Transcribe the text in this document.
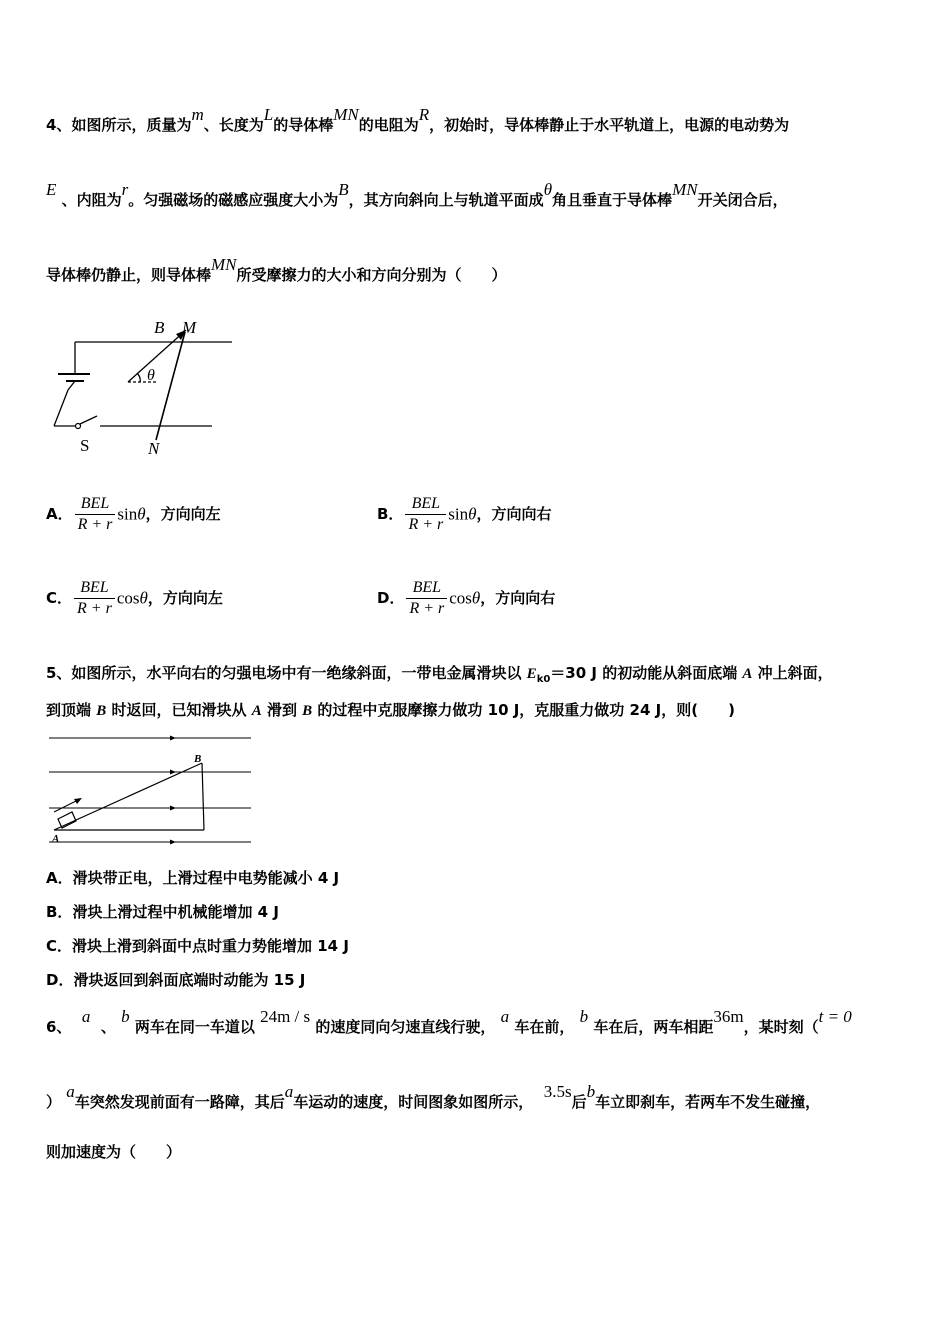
4、如图所示，质量为m、长度为L的导体棒MN的电阻为R，初始时，导体棒静止于水平轨道上，电源的电动势为
E 、内阻为r。匀强磁场的磁感应强度大小为B，其方向斜向上与轨道平面成θ角且垂直于导体棒MN开关闭合后，
导体棒仍静止，则导体棒MN所受摩擦力的大小和方向分别为（　　）
B M
θ
S	N
A． $\frac{\text{BEL}}{R + r}$ sinθ，方向向左	B． $\frac{\text{BEL}}{R + r}$ sinθ，方向向右
C． $\frac{\text{BEL}}{R + r}$ cosθ，方向向左	D． $\frac{\text{BEL}}{R + r}$ cosθ，方向向右
5、如图所示，水平向右的匀强电场中有一绝缘斜面，一带电金属滑块以 $E_{k0}=30$ J 的初动能从斜面底端 A 冲上斜面，
到顶端 B 时返回，已知滑块从 A 滑到 B 的过程中克服摩擦力做功 10 J，克服重力做功 24 J，则(　　)
A
B
A．滑块带正电，上滑过程中电势能减小 4 J
B．滑块上滑过程中机械能增加 4 J
C．滑块上滑到斜面中点时重力势能增加 14 J
D．滑块返回到斜面底端时动能为 15 J
6、  a  、 b 两车在同一车道以 24m / s 的速度同向匀速直线行驶， a 车在前， b 车在后，两车相距36m，某时刻（t = 0
） a车突然发现前面有一路障，其后a车运动的速度，时间图象如图所示，  3.5s后b车立即刹车，若两车不发生碰撞，
则加速度为（　　）
